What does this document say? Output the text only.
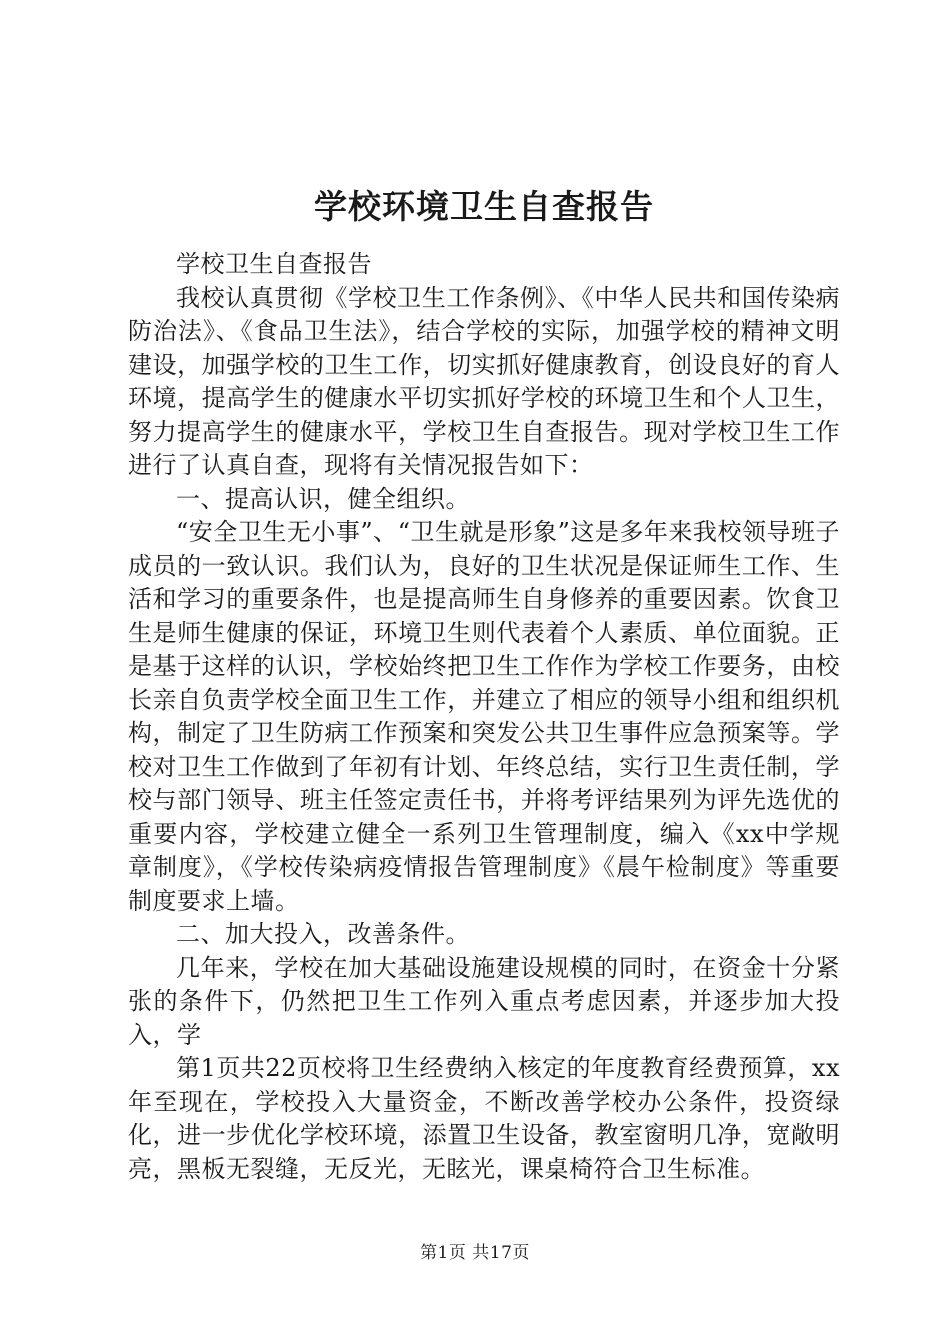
学校环境卫生自查报告

学校卫生自查报告

我校认真贯彻《学校卫生工作条例》、《中华人民共和国传染病防治法》、《食品卫生法》，结合学校的实际，加强学校的精神文明建设，加强学校的卫生工作，切实抓好健康教育，创设良好的育人环境，提高学生的健康水平切实抓好学校的环境卫生和个人卫生，努力提高学生的健康水平，学校卫生自查报告。现对学校卫生工作进行了认真自查，现将有关情况报告如下：

一、提高认识，健全组织。

“安全卫生无小事”、“卫生就是形象”这是多年来我校领导班子成员的一致认识。我们认为，良好的卫生状况是保证师生工作、生活和学习的重要条件，也是提高师生自身修养的重要因素。饮食卫生是师生健康的保证，环境卫生则代表着个人素质、单位面貌。正是基于这样的认识，学校始终把卫生工作作为学校工作要务，由校长亲自负责学校全面卫生工作，并建立了相应的领导小组和组织机构，制定了卫生防病工作预案和突发公共卫生事件应急预案等。学校对卫生工作做到了年初有计划、年终总结，实行卫生责任制，学校与部门领导、班主任签定责任书，并将考评结果列为评先选优的重要内容，学校建立健全一系列卫生管理制度，编入《xx中学规章制度》，《学校传染病疫情报告管理制度》《晨午检制度》等重要制度要求上墙。

二、加大投入，改善条件。

几年来，学校在加大基础设施建设规模的同时，在资金十分紧张的条件下，仍然把卫生工作列入重点考虑因素，并逐步加大投入，学

第1页共22页校将卫生经费纳入核定的年度教育经费预算，xx年至现在，学校投入大量资金，不断改善学校办公条件，投资绿化，进一步优化学校环境，添置卫生设备，教室窗明几净，宽敞明亮，黑板无裂缝，无反光，无眩光，课桌椅符合卫生标准。

第1页 共17页
